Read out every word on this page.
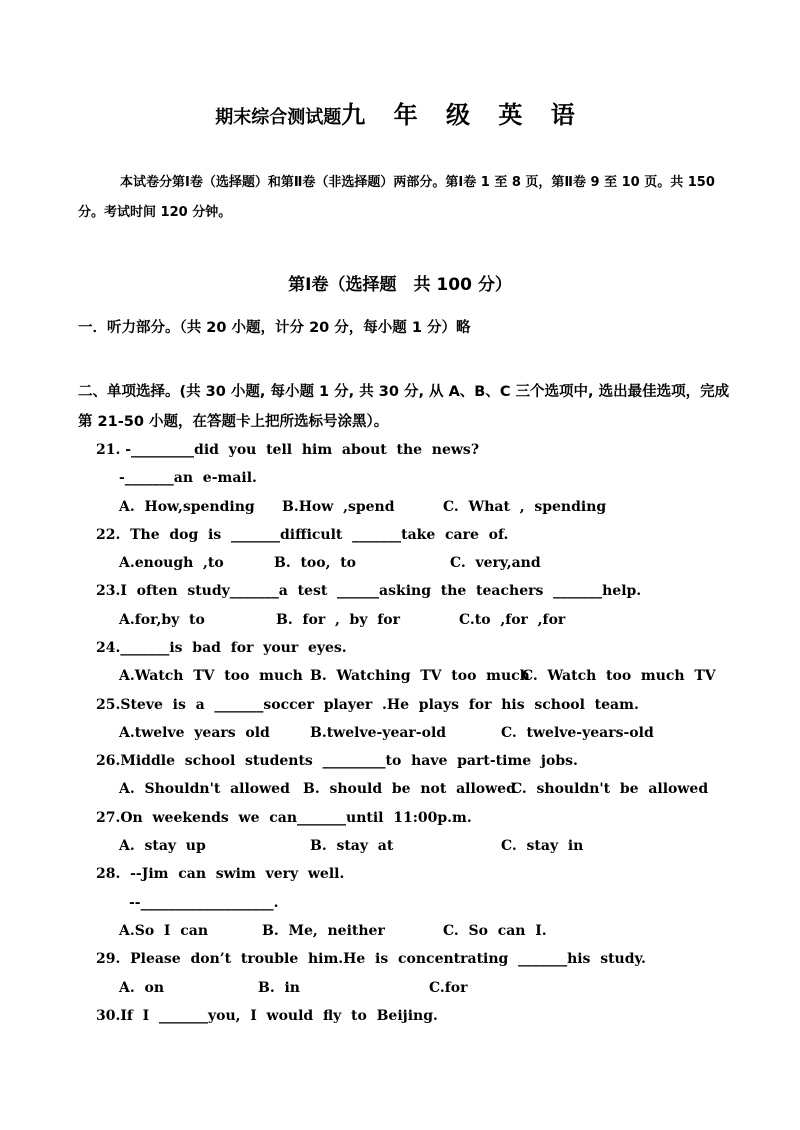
期末综合测试题九 年 级 英 语
本试卷分第Ⅰ卷（选择题）和第Ⅱ卷（非选择题）两部分。第Ⅰ卷 1 至 8 页，第Ⅱ卷 9 至 10 页。共 150 分。考试时间 120 分钟。
第Ⅰ卷（选择题　共 100 分）
一．听力部分。（共 20 小题，计分 20 分，每小题 1 分）略
二、单项选择。(共 30 小题, 每小题 1 分, 共 30 分, 从 A、B、C 三个选项中, 选出最佳选项，完成第 21-50 小题，在答题卡上把所选标号涂黑）。
21. -_________did  you  tell  him  about  the  news?
-_______an  e-mail.
A.  How,spending B.How  ,spend	C.  What  ,  spending
22.  The  dog  is  _______difficult  _______take  care  of.
A.enough  ,to	B.  too,  to	C.  very,and
23.I  often  study_______a  test  ______asking  the  teachers  _______help.
A.for,by  to	B.  for  ,  by  for	C.to  ,for  ,for
24._______is  bad  for  your  eyes.
A.Watch  TV  too  much B.  Watching  TV  too  much
C.  Watch  too  much  TV
25.Steve  is  a  _______soccer  player  .He  plays  for  his  school  team.
A.twelve  years  old	B.twelve-year-old	C.  twelve-years-old
26.Middle  school  students  _________to  have  part-time  jobs.
A.  Shouldn't  allowed B.  should  be  not  allowed
C.  shouldn't  be  allowed
27.On  weekends  we  can_______until  11:00p.m.
A.  stay  up	B.  stay  at	C.  stay  in
28.  --Jim  can  swim  very  well.
--___________________.
A.So  I  can	B.  Me,  neither	C.  So  can  I.
29.  Please  don’t  trouble  him.He  is  concentrating  _______his  study.
A.  on	B.  in	C.for
30.If  I  _______you,  I  would  fly  to  Beijing.
